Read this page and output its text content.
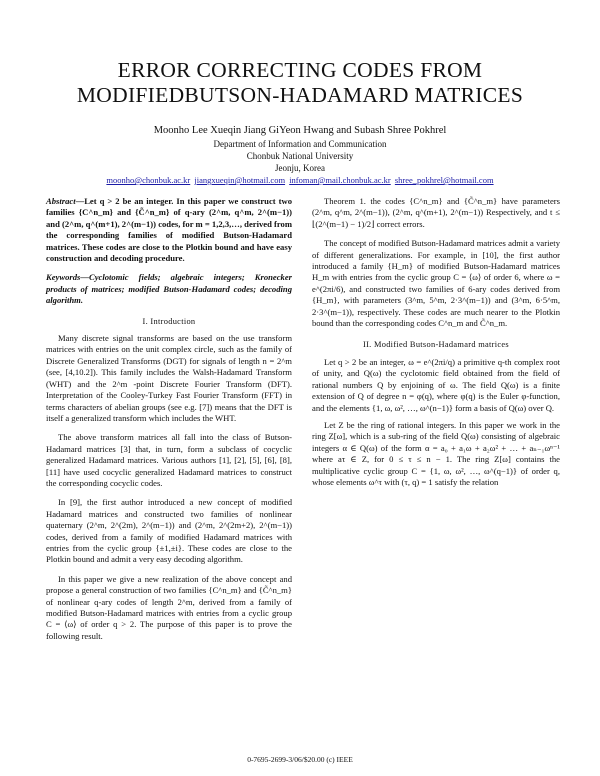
ERROR CORRECTING CODES FROM
MODIFIEDBUTSON-HADAMARD MATRICES
Moonho Lee Xueqin Jiang GiYeon Hwang and Subash Shree Pokhrel
Department of Information and Communication
Chonbuk National University
Jeonju, Korea
moonho@chonbuk.ac.kr jiangxueqin@hotmail.com infoman@mail.chonbuk.ac.kr shree_pokhrel@hotmail.com

Abstract—Let q > 2 be an integer. In this paper we construct two families {C^n_m} and {C̃^n_m} of q-ary (2^m, q^m, 2^(m−1)) and (2^m, q^(m+1), 2^(m−1)) codes, for m = 1,2,3,…, derived from the corresponding families of modified Butson-Hadamard matrices. These codes are close to the Plotkin bound and have easy construction and decoding procedure.

Keywords—Cyclotomic fields; algebraic integers; Kronecker products of matrices; modified Butson-Hadamard codes; decoding algorithm.

I. Introduction

Many discrete signal transforms are based on the use transform matrices with entries on the unit complex circle, such as the family of Discrete Generalized Transforms (DGT) for signals of length n = 2^m (see, [4,10.2]). This family includes the Walsh-Hadamard Transform (WHT) and the 2^m -point Discrete Fourier Transform (DFT). Interpretation of the Cooley-Turkey Fast Fourier Transform (FFT) in terms characters of abelian groups (see e.g. [7]) means that the DFT is itself a generalized transform which includes the WHT.

The above transform matrices all fall into the class of Butson-Hadamard matrices [3] that, in turn, form a subclass of cocyclic generalized Hadamard matrices. Various authors [1], [2], [5], [6], [8], [11] have used cocyclic generalized Hadamard matrices to construct the corresponding cocyclic codes.

In [9], the first author introduced a new concept of modified Hadamard matrices and constructed two families of nonlinear quaternary (2^m, 2^(2m), 2^(m−1)) and (2^m, 2^(2m+2), 2^(m−1)) codes, derived from a family of modified Hadamard matrices with entries from the cyclic group {±1,±i}. These codes are close to the Plotkin bound and admit a very easy decoding algorithm.

In this paper we give a new realization of the above concept and propose a general construction of two families {C^n_m} and {C̃^n_m} of nonlinear q-ary codes of length 2^m, derived from a family of modified Butson-Hadamard matrices with entries from a cyclic group C = ⟨ω⟩ of order q > 2. The purpose of this paper is to prove the following result.

Theorem 1. the codes {C^n_m} and {C̃^n_m} have parameters (2^m, q^m, 2^(m−1)), (2^m, q^(m+1), 2^(m−1)) Respectively, and t ≤ ⌊(2^(m−1) − 1)/2⌋ correct errors.

The concept of modified Butson-Hadamard matrices admit a variety of different generalizations. For example, in [10], the first author introduced a family {H_m} of modified Butson-Hadamard matrices H_m with entries from the cyclic group C = ⟨ω⟩ of order 6, where ω = e^(2πi/6), and constructed two families of 6-ary codes derived from {H_m}, with parameters (3^m, 5^m, 2·3^(m−1)) and (3^m, 6·5^m, 2·3^(m−1)), respectively. These codes are much nearer to the Plotkin bound than the corresponding codes C^n_m and C̃^n_m.

II. Modified Butson-Hadamard matrices

Let q > 2 be an integer, ω = e^(2πi/q) a primitive q-th complex root of unity, and Q(ω) the cyclotomic field obtained from the field of rational numbers Q by enjoining of ω. The field Q(ω) is a finite extension of Q of degree n = φ(q), where φ(q) is the Euler φ-function, and the elements {1, ω, ω², …, ω^(n−1)} form a basis of Q(ω) over Q.

Let Z be the ring of rational integers. In this paper we work in the ring Z[ω], which is a sub-ring of the field Q(ω) consisting of algebraic integers α ∈ Q(ω) of the form α = a₀ + a₁ω + a₂ω² + … + aₙ₋₁ωⁿ⁻¹ where aτ ∈ Z, for 0 ≤ τ ≤ n − 1. The ring Z[ω] contains the multiplicative cyclic group C = {1, ω, ω², …, ω^(q−1)} of order q, whose elements ω^τ with (τ, q) = 1 satisfy the relation

0-7695-2699-3/06/$20.00 (c) IEEE
